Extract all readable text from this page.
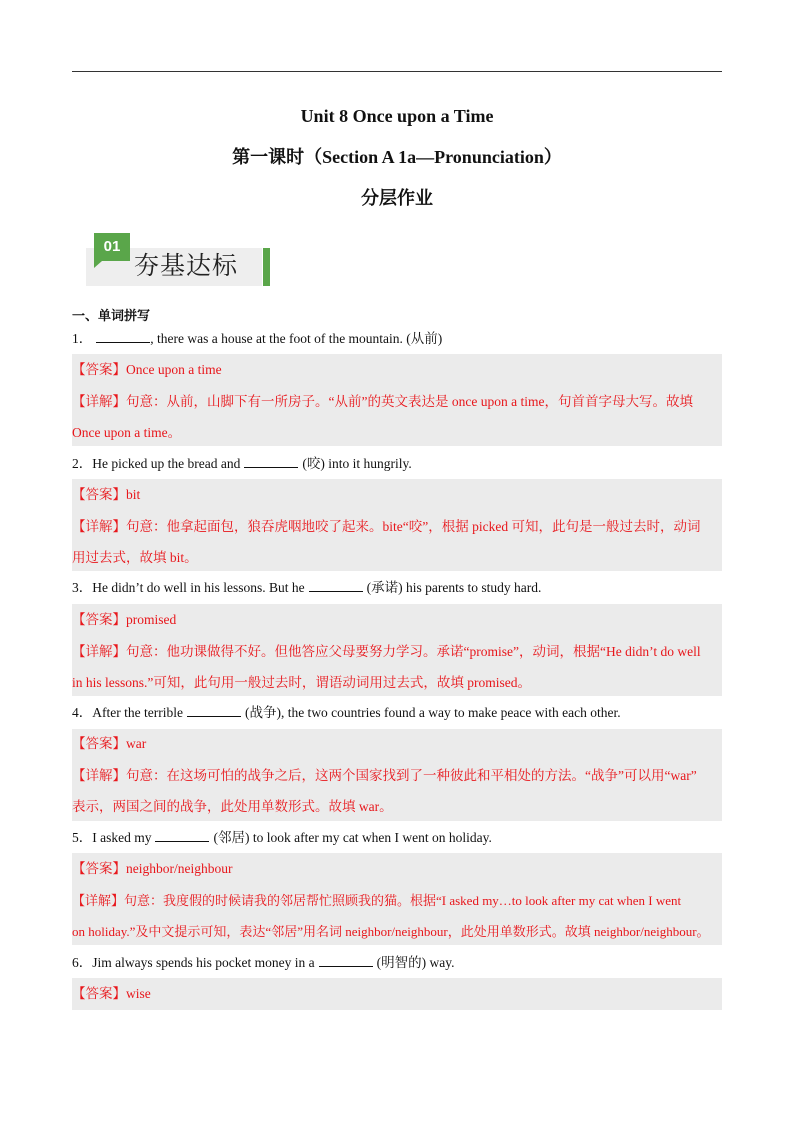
Unit 8 Once upon a Time
第一课时（Section A 1a—Pronunciation）
分层作业
01
夯基达标
一、单词拼写
1．	, there was a house at the foot of the mountain. (从前)
【答案】Once upon a time
【详解】句意：从前，山脚下有一所房子。“从前”的英文表达是 once upon a time，句首首字母大写。故填
Once upon a time。
2．He picked up the bread and	(咬) into it hungrily.
【答案】bit
【详解】句意：他拿起面包，狼吞虎咽地咬了起来。bite“咬”，根据 picked 可知，此句是一般过去时，动词
用过去式，故填 bit。
3．He didn’t do well in his lessons. But he	(承诺) his parents to study hard.
【答案】promised
【详解】句意：他功课做得不好。但他答应父母要努力学习。承诺“promise”，动词，根据“He didn’t do well
in his lessons.”可知，此句用一般过去时，谓语动词用过去式，故填 promised。
4．After the terrible	(战争), the two countries found a way to make peace with each other.
【答案】war
【详解】句意：在这场可怕的战争之后，这两个国家找到了一种彼此和平相处的方法。“战争”可以用“war”
表示，两国之间的战争，此处用单数形式。故填 war。
5．I asked my	(邻居) to look after my cat when I went on holiday.
【答案】neighbor/neighbour
【详解】句意：我度假的时候请我的邻居帮忙照顾我的猫。根据“I asked my…to look after my cat when I went
on holiday.”及中文提示可知，表达“邻居”用名词 neighbor/neighbour，此处用单数形式。故填 neighbor/neighbour。
6．Jim always spends his pocket money in a	(明智的) way.
【答案】wise
